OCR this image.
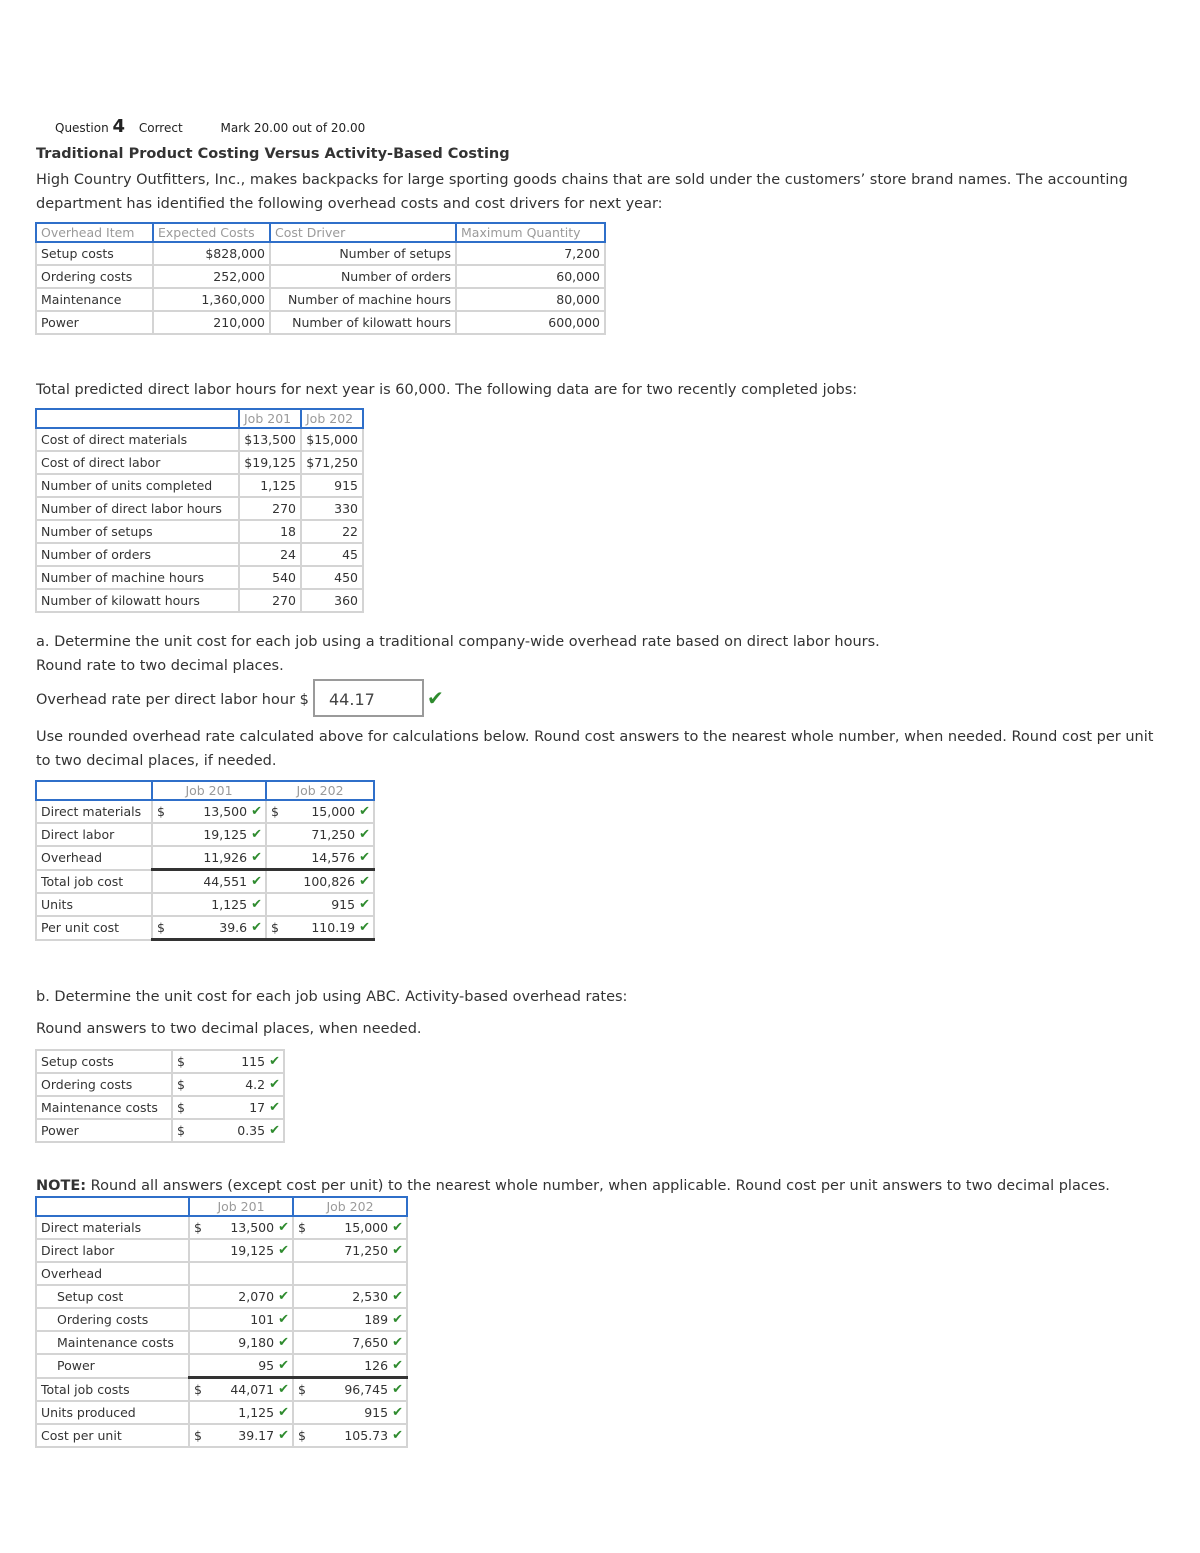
Question 4 Correct	Mark 20.00 out of 20.00
Traditional Product Costing Versus Activity-Based Costing
High Country Outfitters, Inc., makes backpacks for large sporting goods chains that are sold under the customers’ store brand names. The accounting department has identified the following overhead costs and cost drivers for next year:
Overhead Item	Expected Costs	Cost Driver	Maximum Quantity
Setup costs	$828,000	Number of setups	7,200
Ordering costs	252,000	Number of orders	60,000
Maintenance	1,360,000	Number of machine hours	80,000
Power	210,000	Number of kilowatt hours	600,000
Total predicted direct labor hours for next year is 60,000. The following data are for two recently completed jobs:
	Job 201	Job 202
Cost of direct materials	$13,500	$15,000
Cost of direct labor	$19,125	$71,250
Number of units completed	1,125	915
Number of direct labor hours	270	330
Number of setups	18	22
Number of orders	24	45
Number of machine hours	540	450
Number of kilowatt hours	270	360
a. Determine the unit cost for each job using a traditional company-wide overhead rate based on direct labor hours.
Round rate to two decimal places.
Overhead rate per direct labor hour $	44.17	✔
Use rounded overhead rate calculated above for calculations below. Round cost answers to the nearest whole number, when needed. Round cost per unit to two decimal places, if needed.
	Job 201		Job 202	
Direct materials	$	13,500 ✔	$	15,000 ✔

Direct labor		19,125 ✔		71,250 ✔

Overhead		11,926 ✔		14,576 ✔

Total job cost		44,551 ✔		100,826 ✔

Units		1,125 ✔		915 ✔

Per unit cost	$	39.6 ✔	$	110.19 ✔
b. Determine the unit cost for each job using ABC. Activity-based overhead rates:
Round answers to two decimal places, when needed.
Setup costs	$	115 ✔

Ordering costs	$	4.2 ✔

Maintenance costs	$	17 ✔

Power	$	0.35 ✔
NOTE: Round all answers (except cost per unit) to the nearest whole number, when applicable. Round cost per unit answers to two decimal places.
	Job 201		Job 202	
Direct materials	$	13,500 ✔	$	15,000 ✔

Direct labor		19,125 ✔		71,250 ✔

Overhead		

Setup cost		2,070 ✔		2,530 ✔

Ordering costs		101 ✔		189 ✔

Maintenance costs		9,180 ✔		7,650 ✔

Power		95 ✔		126 ✔

Total job costs	$	44,071 ✔	$	96,745 ✔

Units produced		1,125 ✔		915 ✔

Cost per unit	$	39.17 ✔	$	105.73 ✔
